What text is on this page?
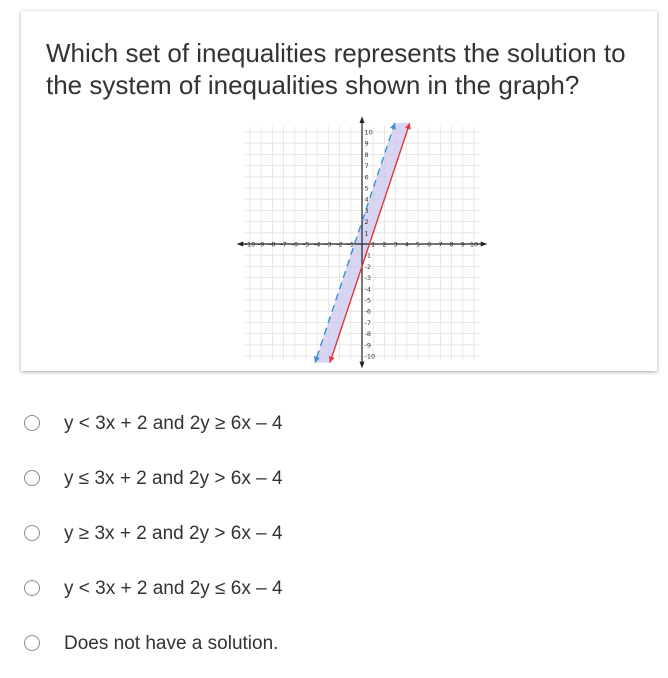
Which set of inequalities represents the solution to the system of inequalities shown in the graph?
-10 -9 -8 -7 -6 -5 -4 -3 -2 -1	1 2 3 4 5 6 7 8 9 10
1
2
3
4
5
6
7
8
9
10
-1
-2
-3
-4
-5
-6
-7
-8
-9
-10
y < 3x + 2 and 2y ≥ 6x – 4
y ≤ 3x + 2 and 2y > 6x – 4
y ≥ 3x + 2 and 2y > 6x – 4
y < 3x + 2 and 2y ≤ 6x – 4
Does not have a solution.
